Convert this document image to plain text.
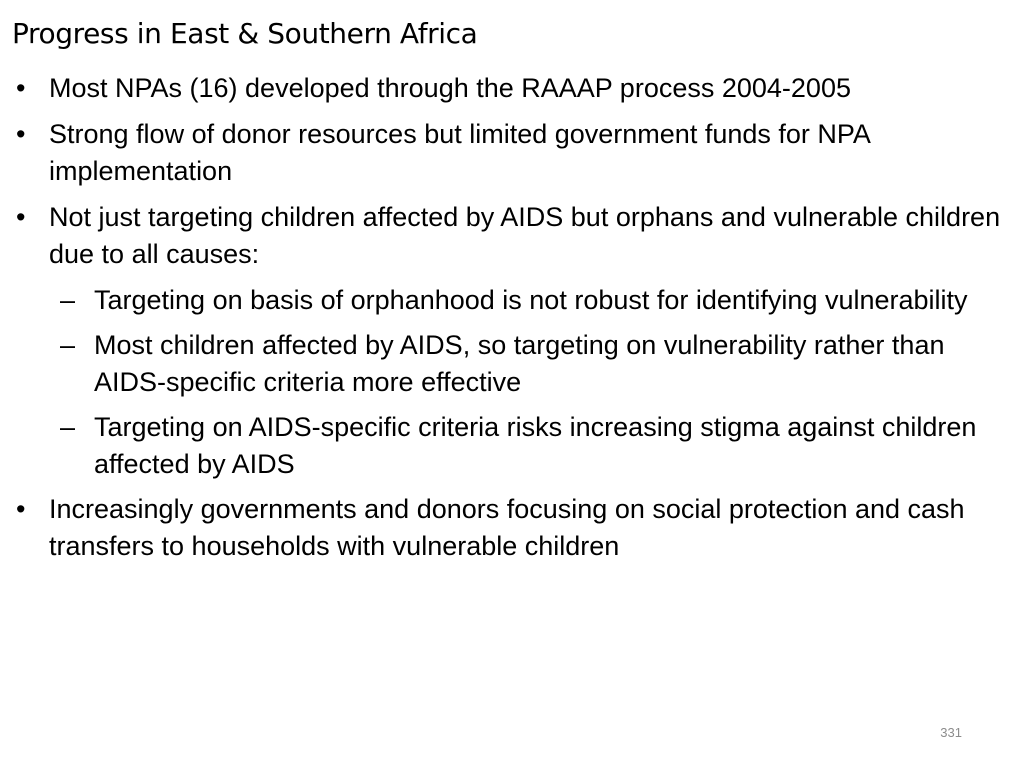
Progress in East & Southern Africa
• Most NPAs (16) developed through the RAAAP process 2004-2005
• Strong flow of donor resources but limited government funds for NPA implementation
• Not just targeting children affected by AIDS but orphans and vulnerable children due to all causes:
– Targeting on basis of orphanhood is not robust for identifying vulnerability
– Most children affected by AIDS, so targeting on vulnerability rather than AIDS-specific criteria more effective
– Targeting on AIDS-specific criteria risks increasing stigma against children affected by AIDS
• Increasingly governments and donors focusing on social protection and cash transfers to households with vulnerable children
331
